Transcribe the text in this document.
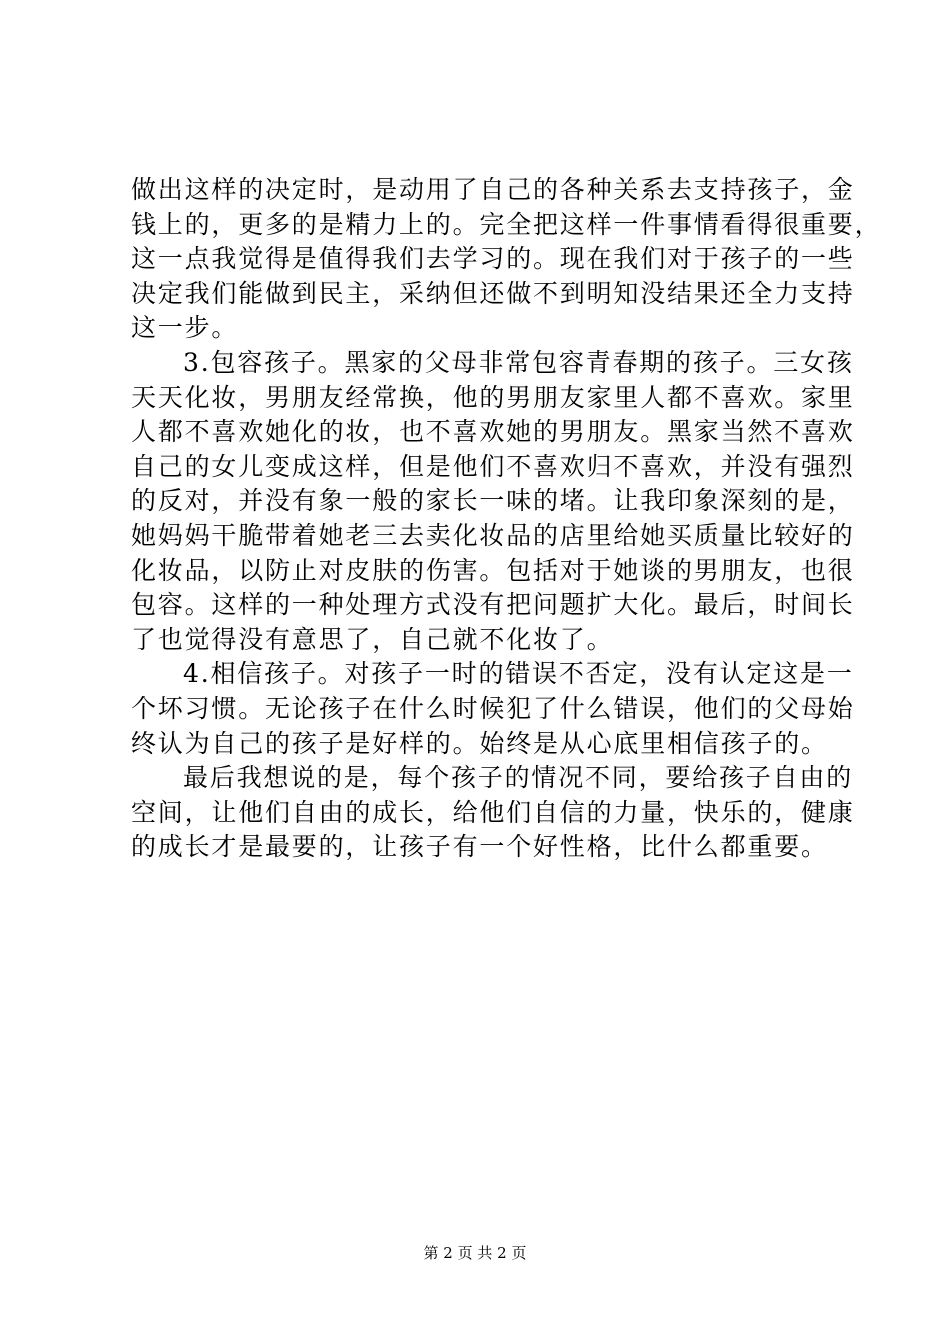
做出这样的决定时，是动用了自己的各种关系去支持孩子，金
钱上的，更多的是精力上的。完全把这样一件事情看得很重要，
这一点我觉得是值得我们去学习的。现在我们对于孩子的一些
决定我们能做到民主，采纳但还做不到明知没结果还全力支持
这一步。
3.包容孩子。黑家的父母非常包容青春期的孩子。三女孩
天天化妆，男朋友经常换，他的男朋友家里人都不喜欢。家里
人都不喜欢她化的妆，也不喜欢她的男朋友。黑家当然不喜欢
自己的女儿变成这样，但是他们不喜欢归不喜欢，并没有强烈
的反对，并没有象一般的家长一味的堵。让我印象深刻的是，
她妈妈干脆带着她老三去卖化妆品的店里给她买质量比较好的
化妆品，以防止对皮肤的伤害。包括对于她谈的男朋友，也很
包容。这样的一种处理方式没有把问题扩大化。最后，时间长
了也觉得没有意思了，自己就不化妆了。
4.相信孩子。对孩子一时的错误不否定，没有认定这是一
个坏习惯。无论孩子在什么时候犯了什么错误，他们的父母始
终认为自己的孩子是好样的。始终是从心底里相信孩子的。
最后我想说的是，每个孩子的情况不同，要给孩子自由的
空间，让他们自由的成长，给他们自信的力量，快乐的，健康
的成长才是最要的，让孩子有一个好性格，比什么都重要。
第 2 页 共 2 页
